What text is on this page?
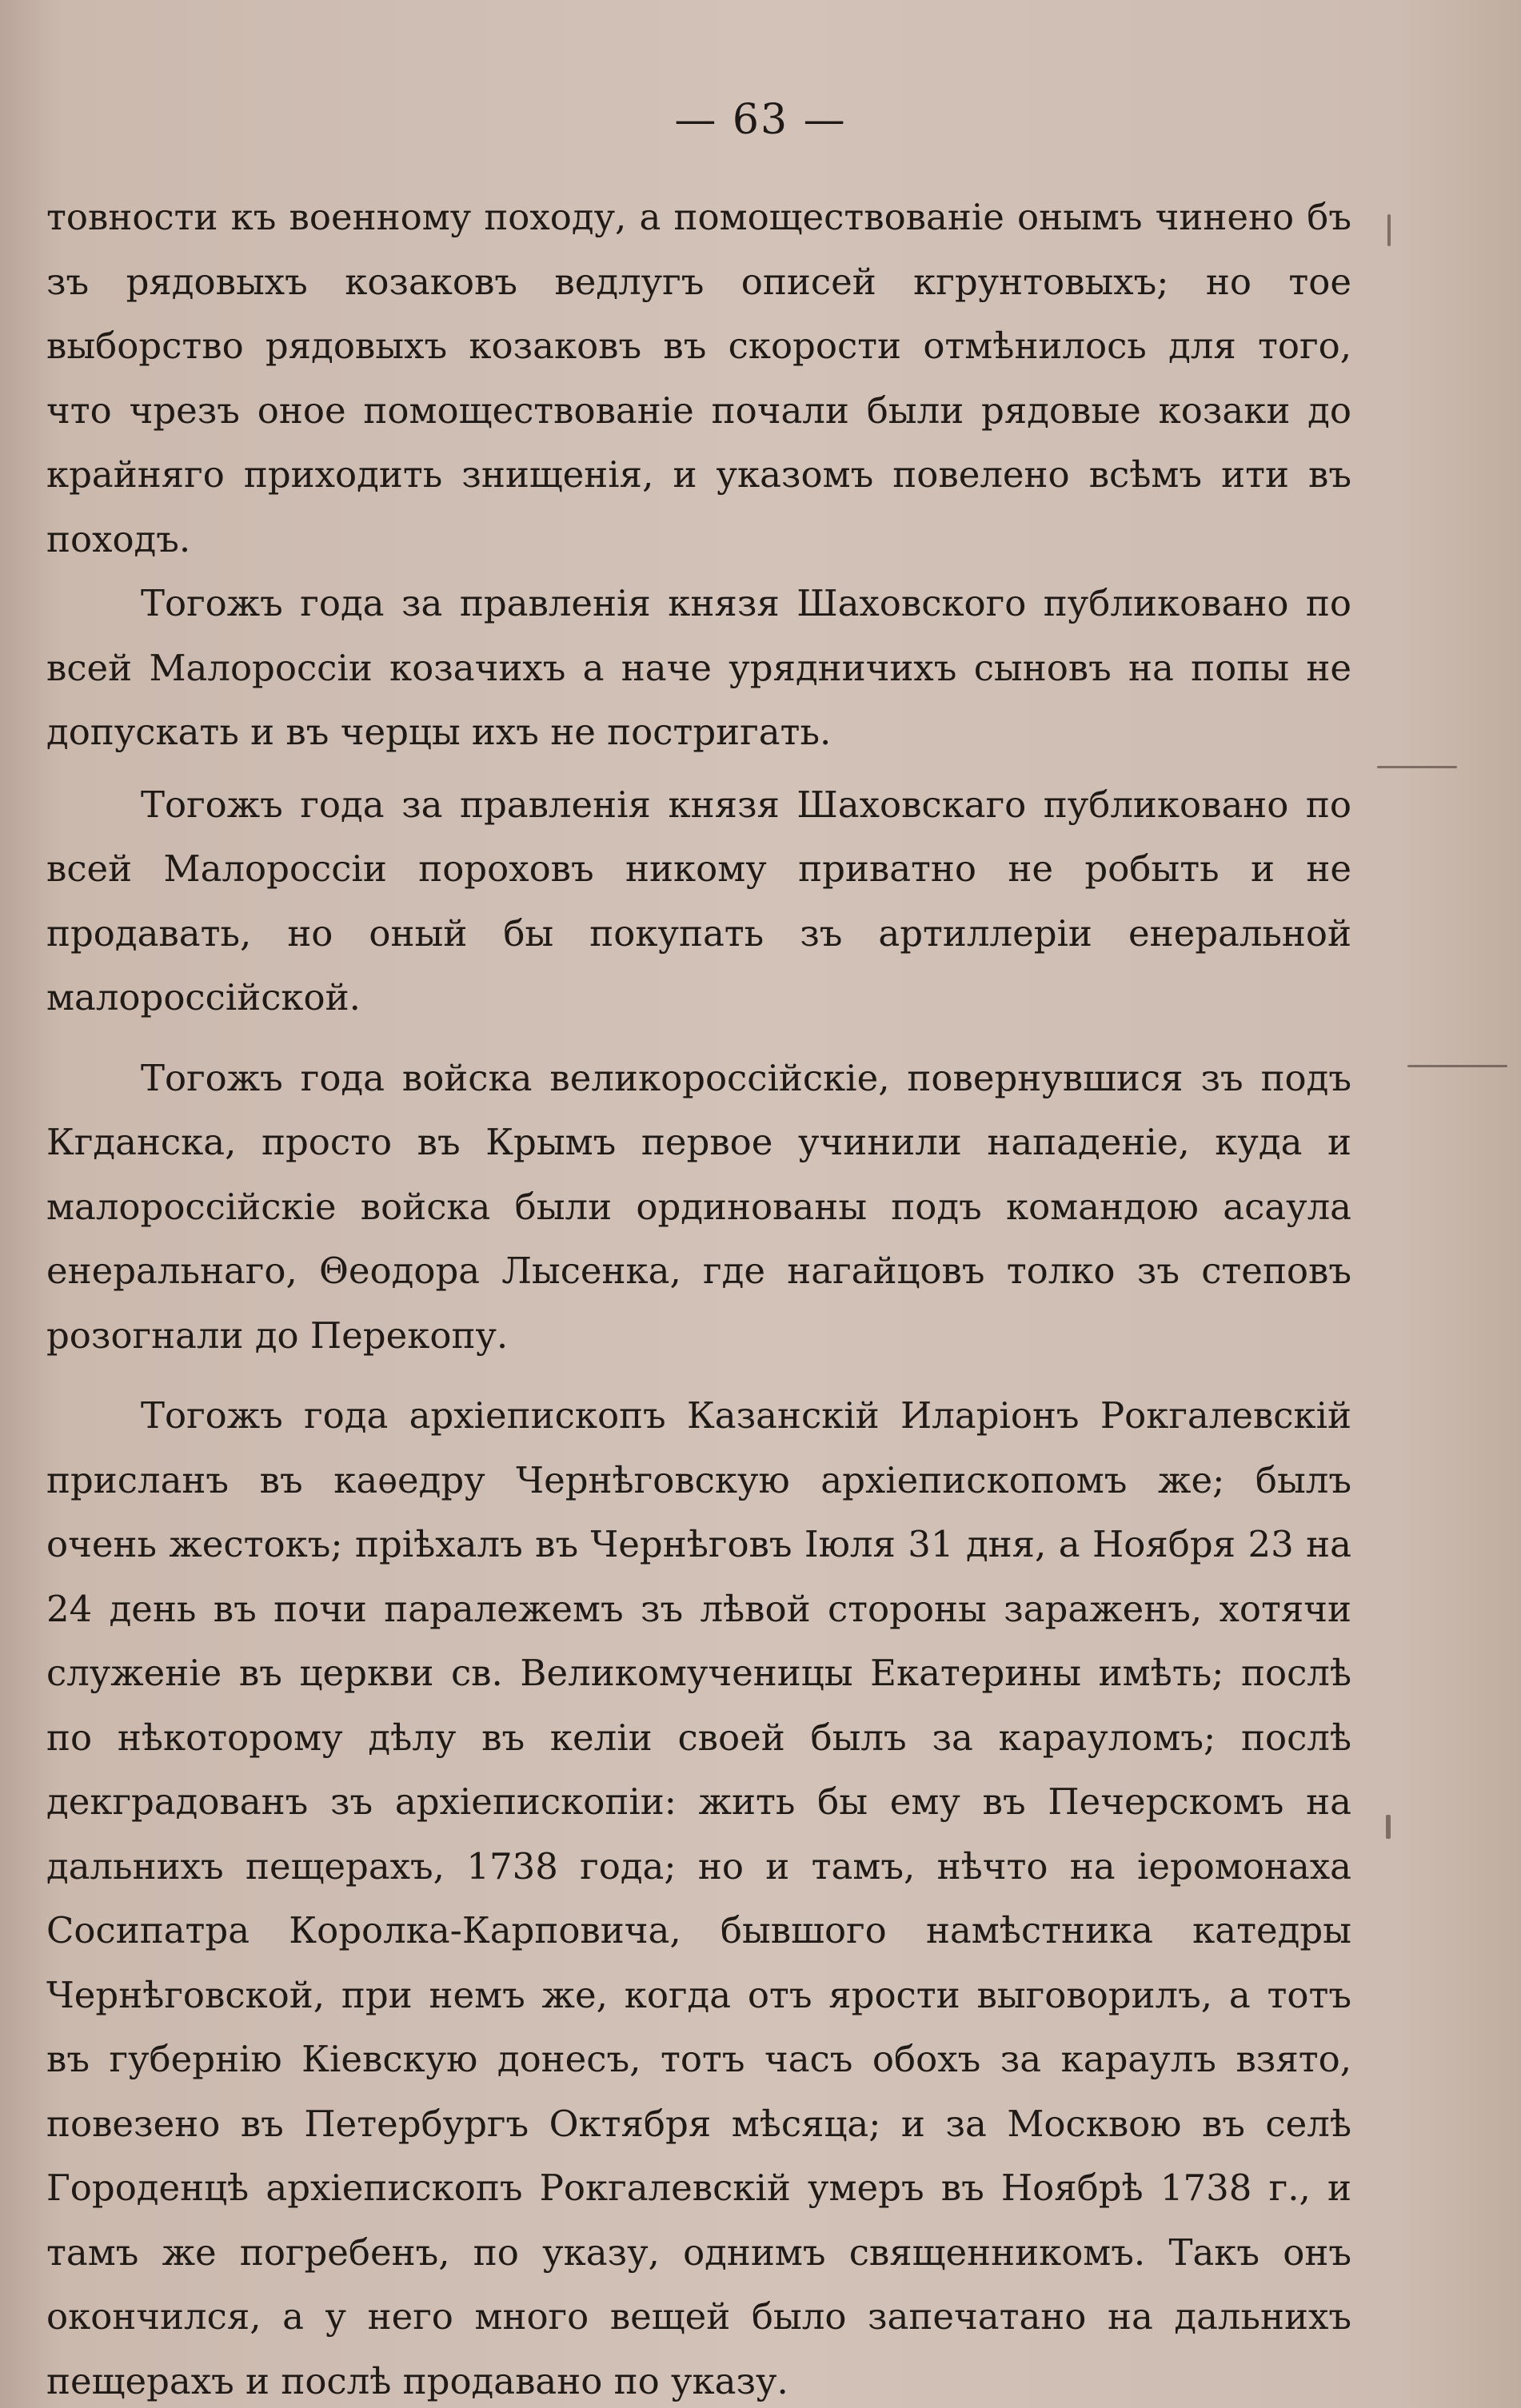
— 63 —

товности къ военному походу, а помоществованіе онымъ чинено бъ зъ рядовыхъ козаковъ ведлугъ описей кгрунтовыхъ; но тое выборство рядовыхъ козаковъ въ скорости отмѣнилось для того, что чрезъ оное помоществованіе почали были рядовые козаки до крайняго приходить знищенія, и указомъ повелено всѣмъ ити въ походъ.

Тогожъ года за правленія князя Шаховского публиковано по всей Малороссіи козачихъ а наче урядничихъ сыновъ на попы не допускать и въ черцы ихъ не постригать.

Тогожъ года за правленія князя Шаховскаго публиковано по всей Малороссіи пороховъ никому приватно не робыть и не продавать, но оный бы покупать зъ артиллеріи енеральной малороссійской.

Тогожъ года войска великороссійскіе, повернувшися зъ подъ Кгданска, просто въ Крымъ первое учинили нападеніе, куда и малороссійскіе войска были ординованы подъ командою асаула енеральнаго, Θеодора Лысенка, где нагайцовъ толко зъ степовъ розогнали до Перекопу.

Тогожъ года архіепископъ Казанскій Иларіонъ Рокгалевскій присланъ въ каѳедру Чернѣговскую архіепископомъ же; былъ очень жестокъ; пріѣхалъ въ Чернѣговъ Іюля 31 дня, а Ноября 23 на 24 день въ почи паралежемъ зъ лѣвой стороны зараженъ, хотячи служеніе въ церкви св. Великомученицы Екатерины имѣть; послѣ по нѣкоторому дѣлу въ келіи своей былъ за карауломъ; послѣ декградованъ зъ архіепископіи: жить бы ему въ Печерскомъ на дальнихъ пещерахъ, 1738 года; но и тамъ, нѣчто на іеромонаха Сосипатра Королка-Карповича, бывшого намѣстника катедры Чернѣговской, при немъ же, когда отъ ярости выговорилъ, а тотъ въ губернію Кіевскую донесъ, тотъ часъ обохъ за караулъ взято, повезено въ Петербургъ Октября мѣсяца; и за Москвою въ селѣ Городенцѣ архіепископъ Рокгалевскій умеръ въ Ноябрѣ 1738 г., и тамъ же погребенъ, по указу, однимъ священникомъ. Такъ онъ окончился, а у него много вещей было запечатано на дальнихъ пещерахъ и послѣ продавано по указу.
